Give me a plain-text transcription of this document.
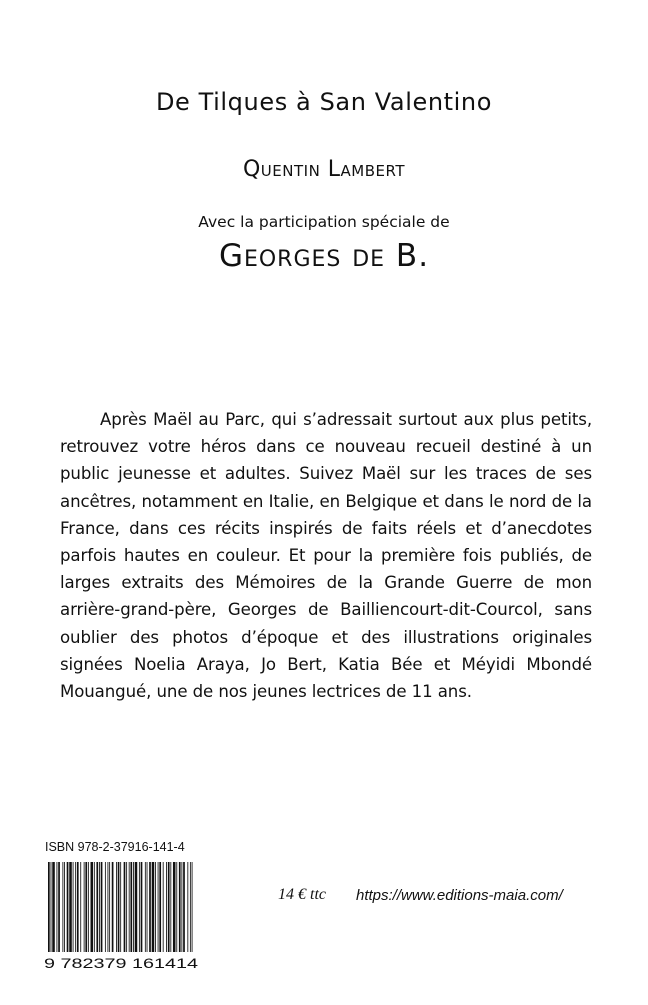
De Tilques à San Valentino
Quentin Lambert
Avec la participation spéciale de
Georges de B.

Après Maël au Parc, qui s’adressait surtout aux plus petits, retrouvez votre héros dans ce nouveau recueil destiné à un public jeunesse et adultes. Suivez Maël sur les traces de ses ancêtres, notamment en Italie, en Belgique et dans le nord de la France, dans ces récits inspirés de faits réels et d’anecdotes parfois hautes en couleur. Et pour la première fois publiés, de larges extraits des Mémoires de la Grande Guerre de mon arrière-grand-père, Georges de Bailliencourt-dit-Courcol, sans oublier des photos d’époque et des illustrations originales signées Noelia Araya, Jo Bert, Katia Bée et Méyidi Mbondé Mouangué, une de nos jeunes lectrices de 11 ans.

ISBN 978-2-37916-141-4
9 782379 161414
14 € ttc https://www.editions-maia.com/
